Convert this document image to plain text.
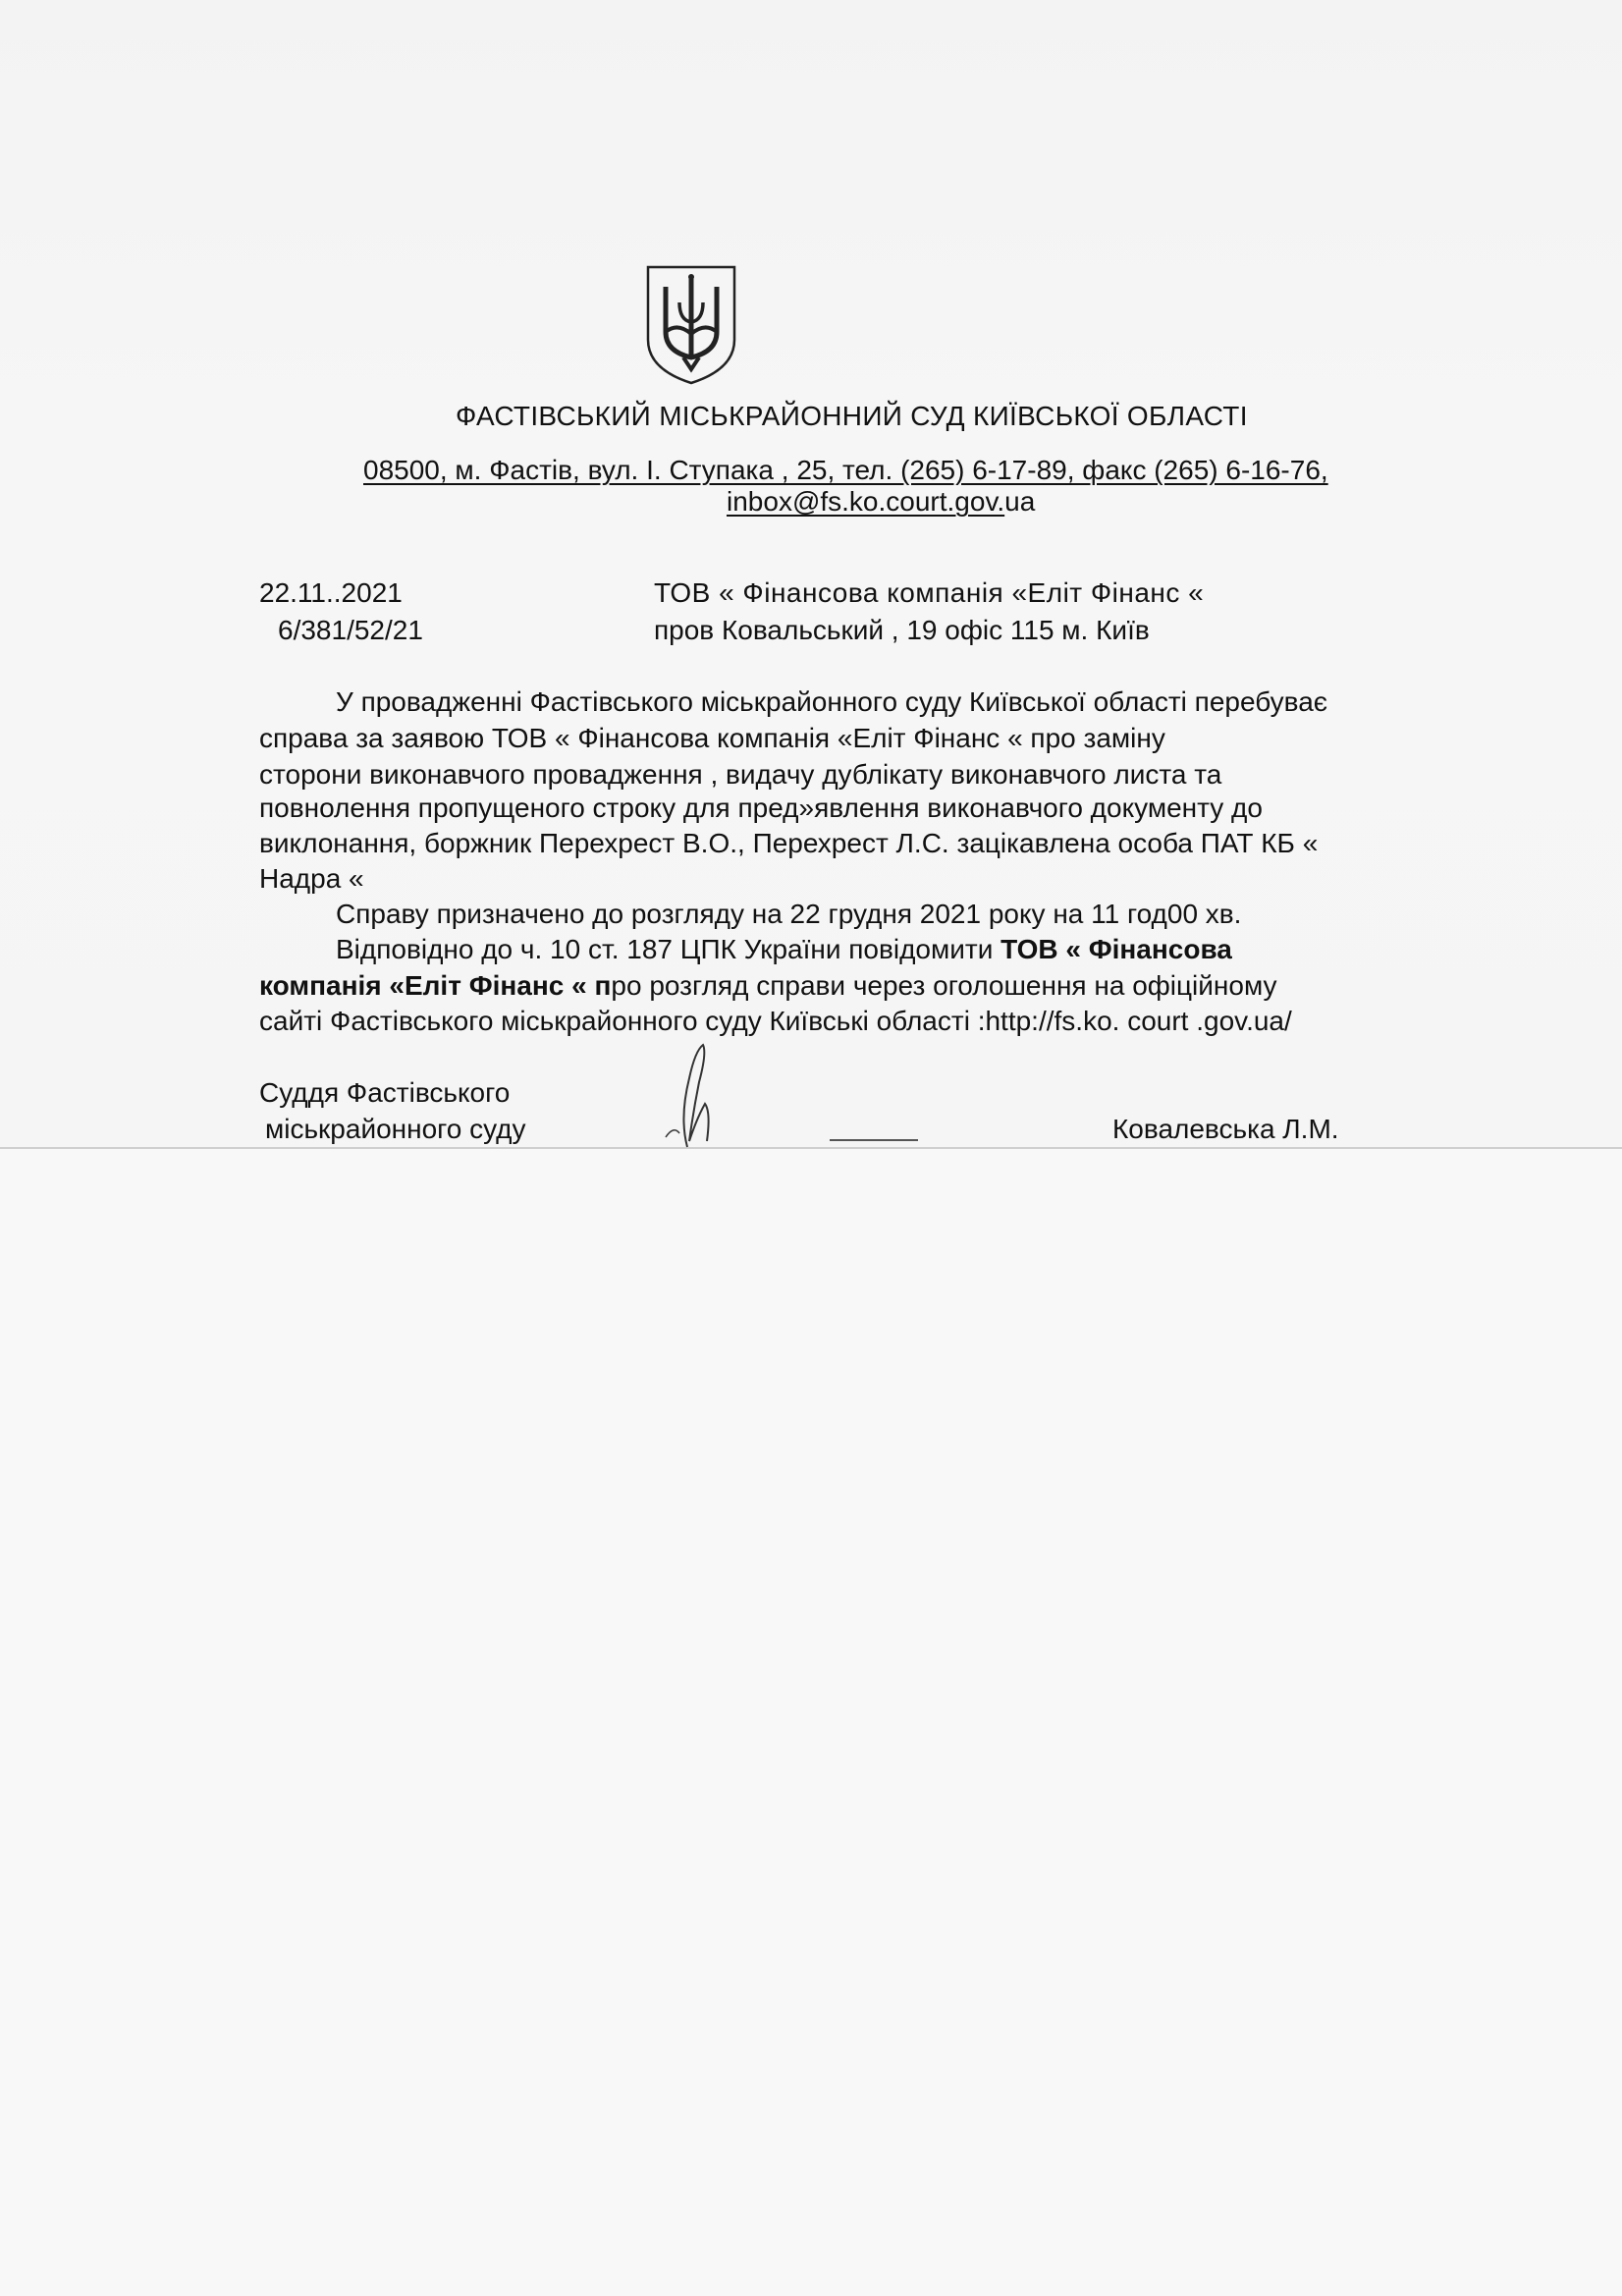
ФАСТІВСЬКИЙ МІСЬКРАЙОННИЙ СУД КИЇВСЬКОЇ ОБЛАСТІ
08500, м. Фастів, вул. І. Ступака , 25, тел. (265) 6-17-89, факс (265) 6-16-76,
inbox@fs.ko.court.gov.ua
22.11..2021
6/381/52/21
ТОВ « Фінансова компанія «Еліт Фінанс «
пров Ковальський , 19 офіс 115 м. Київ
У провадженні Фастівського міськрайонного суду Київської області перебуває
справа за заявою ТОВ « Фінансова компанія «Еліт Фінанс « про заміну
сторони виконавчого провадження , видачу дублікату виконавчого листа та
повнолення пропущеного строку для пред»явлення виконавчого документу до
виклонання, боржник Перехрест В.О., Перехрест Л.С. зацікавлена особа ПАТ КБ «
Надра «
Справу призначено до розгляду на 22 грудня 2021 року на 11 год00 хв.
Відповідно до ч. 10 ст. 187 ЦПК України повідомити ТОВ « Фінансова
компанія «Еліт Фінанс « про розгляд справи через оголошення на офіційному
сайті Фастівського міськрайонного суду Київські області :http://fs.ko. court .gov.ua/
Суддя Фастівського
міськрайонного суду	Ковалевська Л.М.
